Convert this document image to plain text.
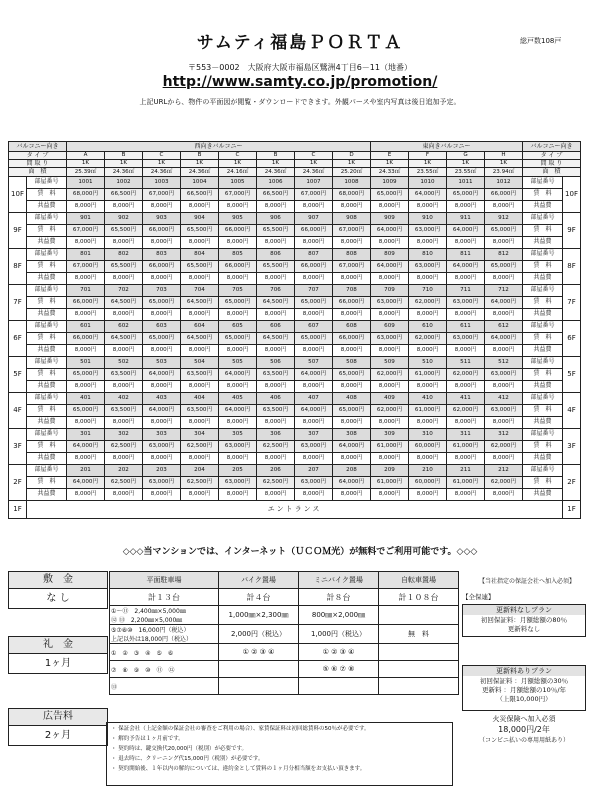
サムティ福島ＰＯＲＴＡ	総戸数108戸
〒553－0002　大阪府大阪市福島区鷺洲4丁目6－11（地番）
http://www.samty.co.jp/promotion/
上記URLから、物件の平面図が閲覧・ダウンロードできます。外観パースや室内写真は後日追加予定。
バルコニー向き		西向きバルコニー								東向きバルコニー				バルコニー向き	
タ イ プ		A	B	C	B	C	B	C	D	E	F	G	H	タ イ プ	
間 取 り		1K	1K	1K	1K	1K	1K	1K	1K	1K	1K	1K	1K	間 取 り	
面　積		25.39㎡	24.36㎡	24.36㎡	24.36㎡	24.16㎡	24.36㎡	24.36㎡	25.20㎡	24.33㎡	23.55㎡	23.55㎡	23.94㎡	面　積	
10F	部屋番号	1001	1002	1003	1004	1005	1006	1007	1008	1009	1010	1011	1012	部屋番号	10F
	賃　料	68,000円	66,500円	67,000円	66,500円	67,000円	66,500円	67,000円	68,000円	65,000円	64,000円	65,000円	66,000円	賃　料	
	共益費	8,000円	8,000円	8,000円	8,000円	8,000円	8,000円	8,000円	8,000円	8,000円	8,000円	8,000円	8,000円	共益費	
9F	部屋番号	901	902	903	904	905	906	907	908	909	910	911	912	部屋番号	9F
	賃　料	67,000円	65,500円	66,000円	65,500円	66,000円	65,500円	66,000円	67,000円	64,000円	63,000円	64,000円	65,000円	賃　料	
	共益費	8,000円	8,000円	8,000円	8,000円	8,000円	8,000円	8,000円	8,000円	8,000円	8,000円	8,000円	8,000円	共益費	
8F	部屋番号	801	802	803	804	805	806	807	808	809	810	811	812	部屋番号	8F
	賃　料	67,000円	65,500円	66,000円	65,500円	66,000円	65,500円	66,000円	67,000円	64,000円	63,000円	64,000円	65,000円	賃　料	
	共益費	8,000円	8,000円	8,000円	8,000円	8,000円	8,000円	8,000円	8,000円	8,000円	8,000円	8,000円	8,000円	共益費	
7F	部屋番号	701	702	703	704	705	706	707	708	709	710	711	712	部屋番号	7F
	賃　料	66,000円	64,500円	65,000円	64,500円	65,000円	64,500円	65,000円	66,000円	63,000円	62,000円	63,000円	64,000円	賃　料	
	共益費	8,000円	8,000円	8,000円	8,000円	8,000円	8,000円	8,000円	8,000円	8,000円	8,000円	8,000円	8,000円	共益費	
6F	部屋番号	601	602	603	604	605	606	607	608	609	610	611	612	部屋番号	6F
	賃　料	66,000円	64,500円	65,000円	64,500円	65,000円	64,500円	65,000円	66,000円	63,000円	62,000円	63,000円	64,000円	賃　料	
	共益費	8,000円	8,000円	8,000円	8,000円	8,000円	8,000円	8,000円	8,000円	8,000円	8,000円	8,000円	8,000円	共益費	
5F	部屋番号	501	502	503	504	505	506	507	508	509	510	511	512	部屋番号	5F
	賃　料	65,000円	63,500円	64,000円	63,500円	64,000円	63,500円	64,000円	65,000円	62,000円	61,000円	62,000円	63,000円	賃　料	
	共益費	8,000円	8,000円	8,000円	8,000円	8,000円	8,000円	8,000円	8,000円	8,000円	8,000円	8,000円	8,000円	共益費	
4F	部屋番号	401	402	403	404	405	406	407	408	409	410	411	412	部屋番号	4F
	賃　料	65,000円	63,500円	64,000円	63,500円	64,000円	63,500円	64,000円	65,000円	62,000円	61,000円	62,000円	63,000円	賃　料	
	共益費	8,000円	8,000円	8,000円	8,000円	8,000円	8,000円	8,000円	8,000円	8,000円	8,000円	8,000円	8,000円	共益費	
3F	部屋番号	301	302	303	304	305	306	307	308	309	310	311	312	部屋番号	3F
	賃　料	64,000円	62,500円	63,000円	62,500円	63,000円	62,500円	63,000円	64,000円	61,000円	60,000円	61,000円	62,000円	賃　料	
	共益費	8,000円	8,000円	8,000円	8,000円	8,000円	8,000円	8,000円	8,000円	8,000円	8,000円	8,000円	8,000円	共益費	
2F	部屋番号	201	202	203	204	205	206	207	208	209	210	211	212	部屋番号	2F
	賃　料	64,000円	62,500円	63,000円	62,500円	63,000円	62,500円	63,000円	64,000円	61,000円	60,000円	61,000円	62,000円	賃　料	
	共益費	8,000円	8,000円	8,000円	8,000円	8,000円	8,000円	8,000円	8,000円	8,000円	8,000円	8,000円	8,000円	共益費	
1F	エントランス														1F
◇◇◇当マンションでは、インターネット（ＵＣＯＭ光）が無料でご利用可能です。◇◇◇
敷　金
な し
礼　金
1ヶ月
広告料
2ヶ月
平面駐車場	バイク置場	ミニバイク置場	自転車置場
計１３台	計４台	計８台	計１０８台

①～⑪　2,400㎜×5,000㎜
⑫ ⑬　2,200㎜×5,000㎜	1,000㎜×2,300㎜	800㎜×2,000㎜	

⑤⑦⑧⑩　16,000円（税込）
上記以外は18,000円（税込）	2,000円（税込）	1,000円（税込）	無　料
①　②　③　④　⑤　⑥	① ② ③ ④	① ② ③ ④	
⑦　⑧　⑨　⑩　⑪　⑫		⑤ ⑥ ⑦ ⑧	
⑬			
・ 保証会社（上記金額の保証会社の審査をご利用の場合）、家賃保証料は初回総賃料の50％が必要です。
・ 解約予告は１ヶ月前です。
・ 契約時は、鍵交換代20,000円（税別）が必要です。
・ 退去時に、クリーニング代15,000円（税別）が必要です。
・ 契約開始後、１年以内の解約については、違約金として賃料の１ヶ月分相当額をお支払い頂きます。
【当社指定の保証会社へ加入必須】
【全保連】
更新料なしプラン
初回保証料：月額総額の80％
更新料なし
更新料ありプラン
初回保証料 ：月額総額の30％
更新料 ：月額総額の10％/年
（上限10,000円）
火災保険へ加入必須
18,000円/2年
（コンビニ払いの専用用紙あり）
